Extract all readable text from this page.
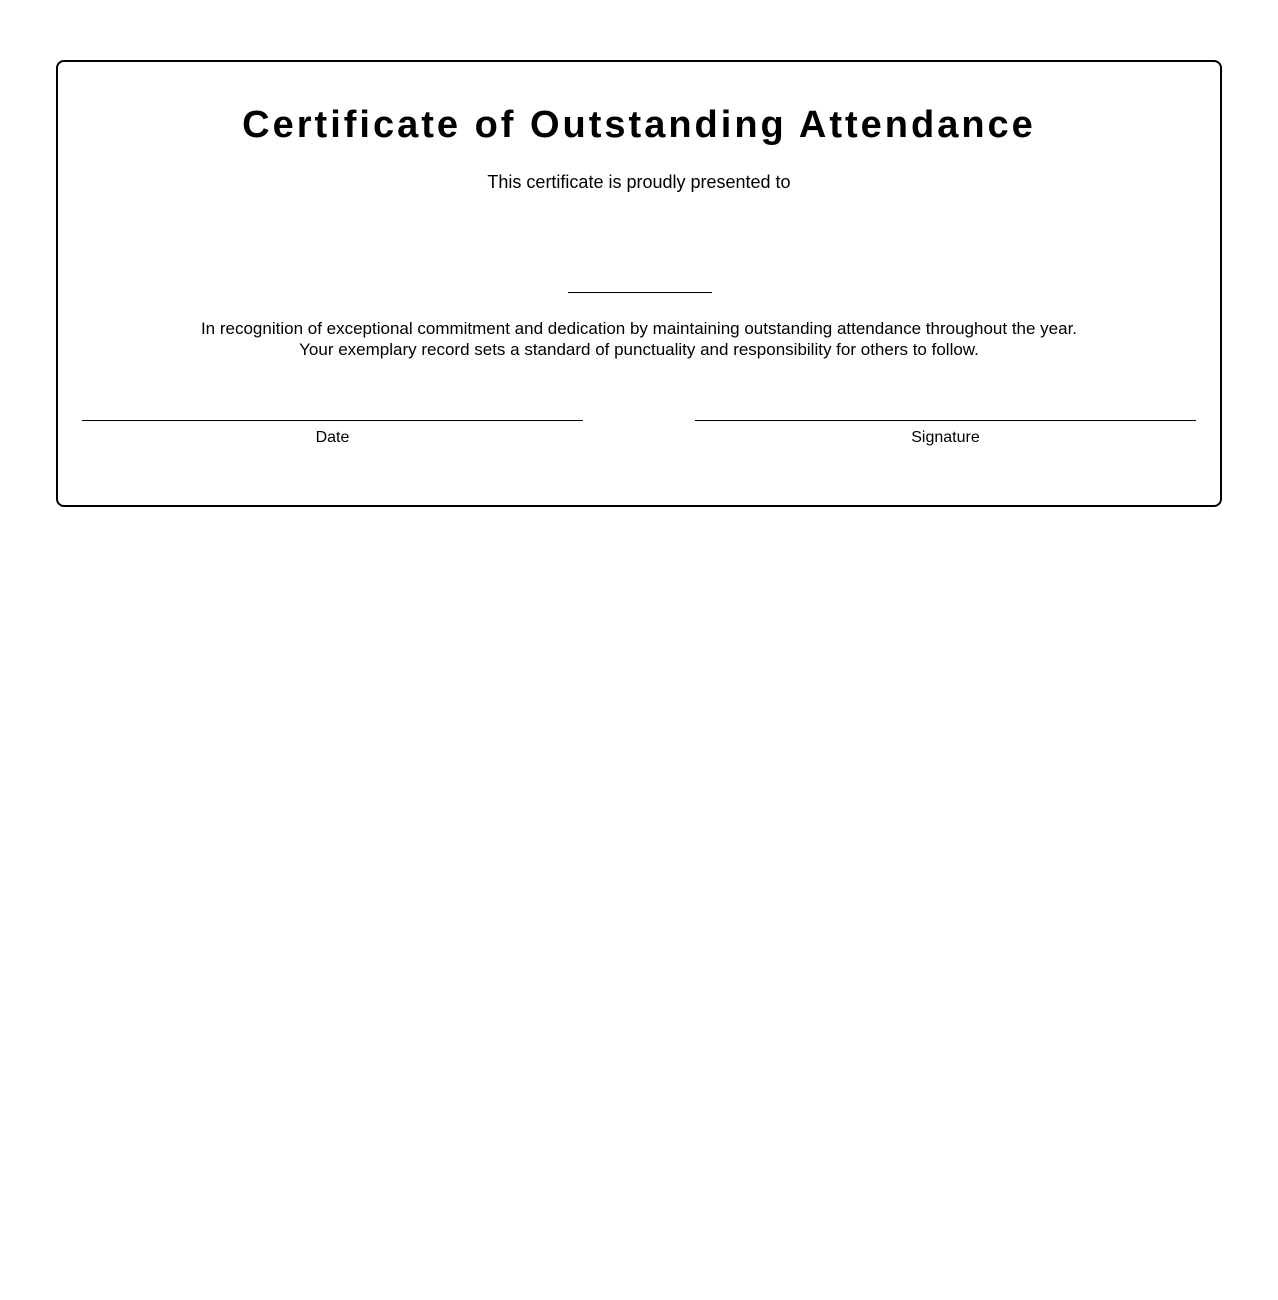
Certificate of Outstanding Attendance
This certificate is proudly presented to
In recognition of exceptional commitment and dedication by maintaining outstanding attendance throughout the year.
Your exemplary record sets a standard of punctuality and responsibility for others to follow.
Date	Signature
